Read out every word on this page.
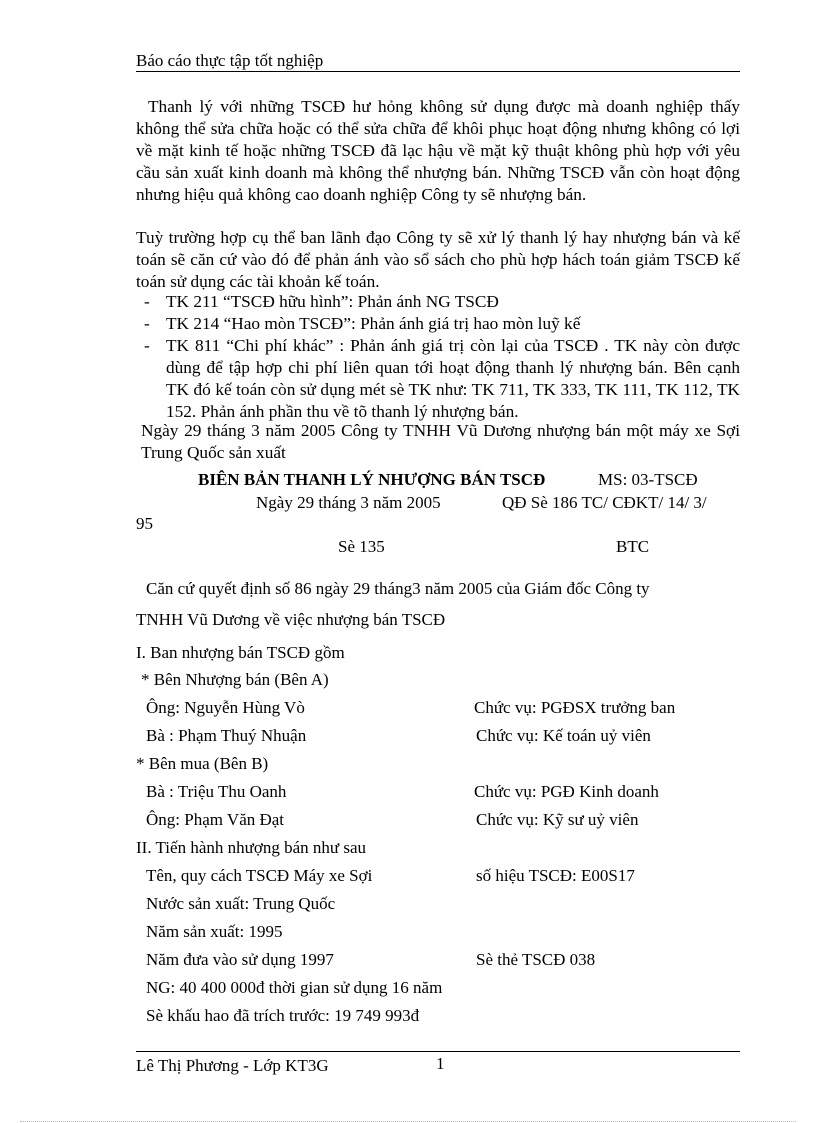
Báo cáo thực tập tốt nghiệp
Thanh lý với những TSCĐ hư hỏng không sử dụng được mà doanh nghiệp thấy không thể sửa chữa hoặc có thể sửa chữa để khôi phục hoạt động nhưng không có lợi về mặt kinh tế hoặc những TSCĐ đã lạc hậu về mặt kỹ thuật không phù hợp với yêu cầu sản xuất kinh doanh mà không thể nhượng bán. Những TSCĐ vẫn còn hoạt động nhưng hiệu quả không cao doanh nghiệp Công ty sẽ nhượng bán.
Tuỳ trường hợp cụ thể ban lãnh đạo Công ty sẽ xử lý thanh lý hay nhượng bán và kế toán sẽ căn cứ vào đó để phản ánh vào sổ sách cho phù hợp hách toán giảm TSCĐ kế toán sử dụng các tài khoản kế toán.
- TK 211 “TSCĐ hữu hình”: Phản ánh NG TSCĐ
- TK 214 “Hao mòn TSCĐ”: Phản ánh giá trị hao mòn luỹ kế
- TK 811 “Chi phí khác” : Phản ánh giá trị còn lại của TSCĐ . TK này còn được dùng để tập hợp chi phí liên quan tới hoạt động thanh lý nhượng bán. Bên cạnh TK đó kế toán còn sử dụng mét sè TK như: TK 711, TK 333, TK 111, TK 112, TK 152. Phản ánh phần thu về tõ thanh lý nhượng bán.
Ngày 29 tháng 3 năm 2005 Công ty TNHH Vũ Dương nhượng bán một máy xe Sợi Trung Quốc sản xuất
BIÊN BẢN THANH LÝ NHƯỢNG BÁN TSCĐ	MS: 03-TSCĐ
Ngày 29 tháng 3 năm 2005	QĐ Sè 186 TC/ CĐKT/ 14/ 3/
95
Sè 135	BTC
Căn cứ quyết định số 86 ngày 29 tháng3 năm 2005 của Giám đốc Công ty
TNHH Vũ Dương về việc nhượng bán TSCĐ
I. Ban nhượng bán TSCĐ gồm
* Bên Nhượng bán (Bên A)
Ông: Nguyễn Hùng Vò	Chức vụ: PGĐSX trưởng ban
Bà : Phạm Thuý Nhuận	Chức vụ: Kế toán uỷ viên
* Bên mua (Bên B)
Bà : Triệu Thu Oanh	Chức vụ: PGĐ Kinh doanh
Ông: Phạm Văn Đạt	Chức vụ: Kỹ sư uỷ viên
II. Tiến hành nhượng bán như sau
Tên, quy cách TSCĐ Máy xe Sợi	số hiệu TSCĐ: E00S17
Nước sản xuất: Trung Quốc
Năm sản xuất: 1995
Năm đưa vào sử dụng 1997	Sè thẻ TSCĐ 038
NG: 40 400 000đ thời gian sử dụng 16 năm
Sè khấu hao đã trích trước: 19 749 993đ
Lê Thị Phương - Lớp KT3G	1
